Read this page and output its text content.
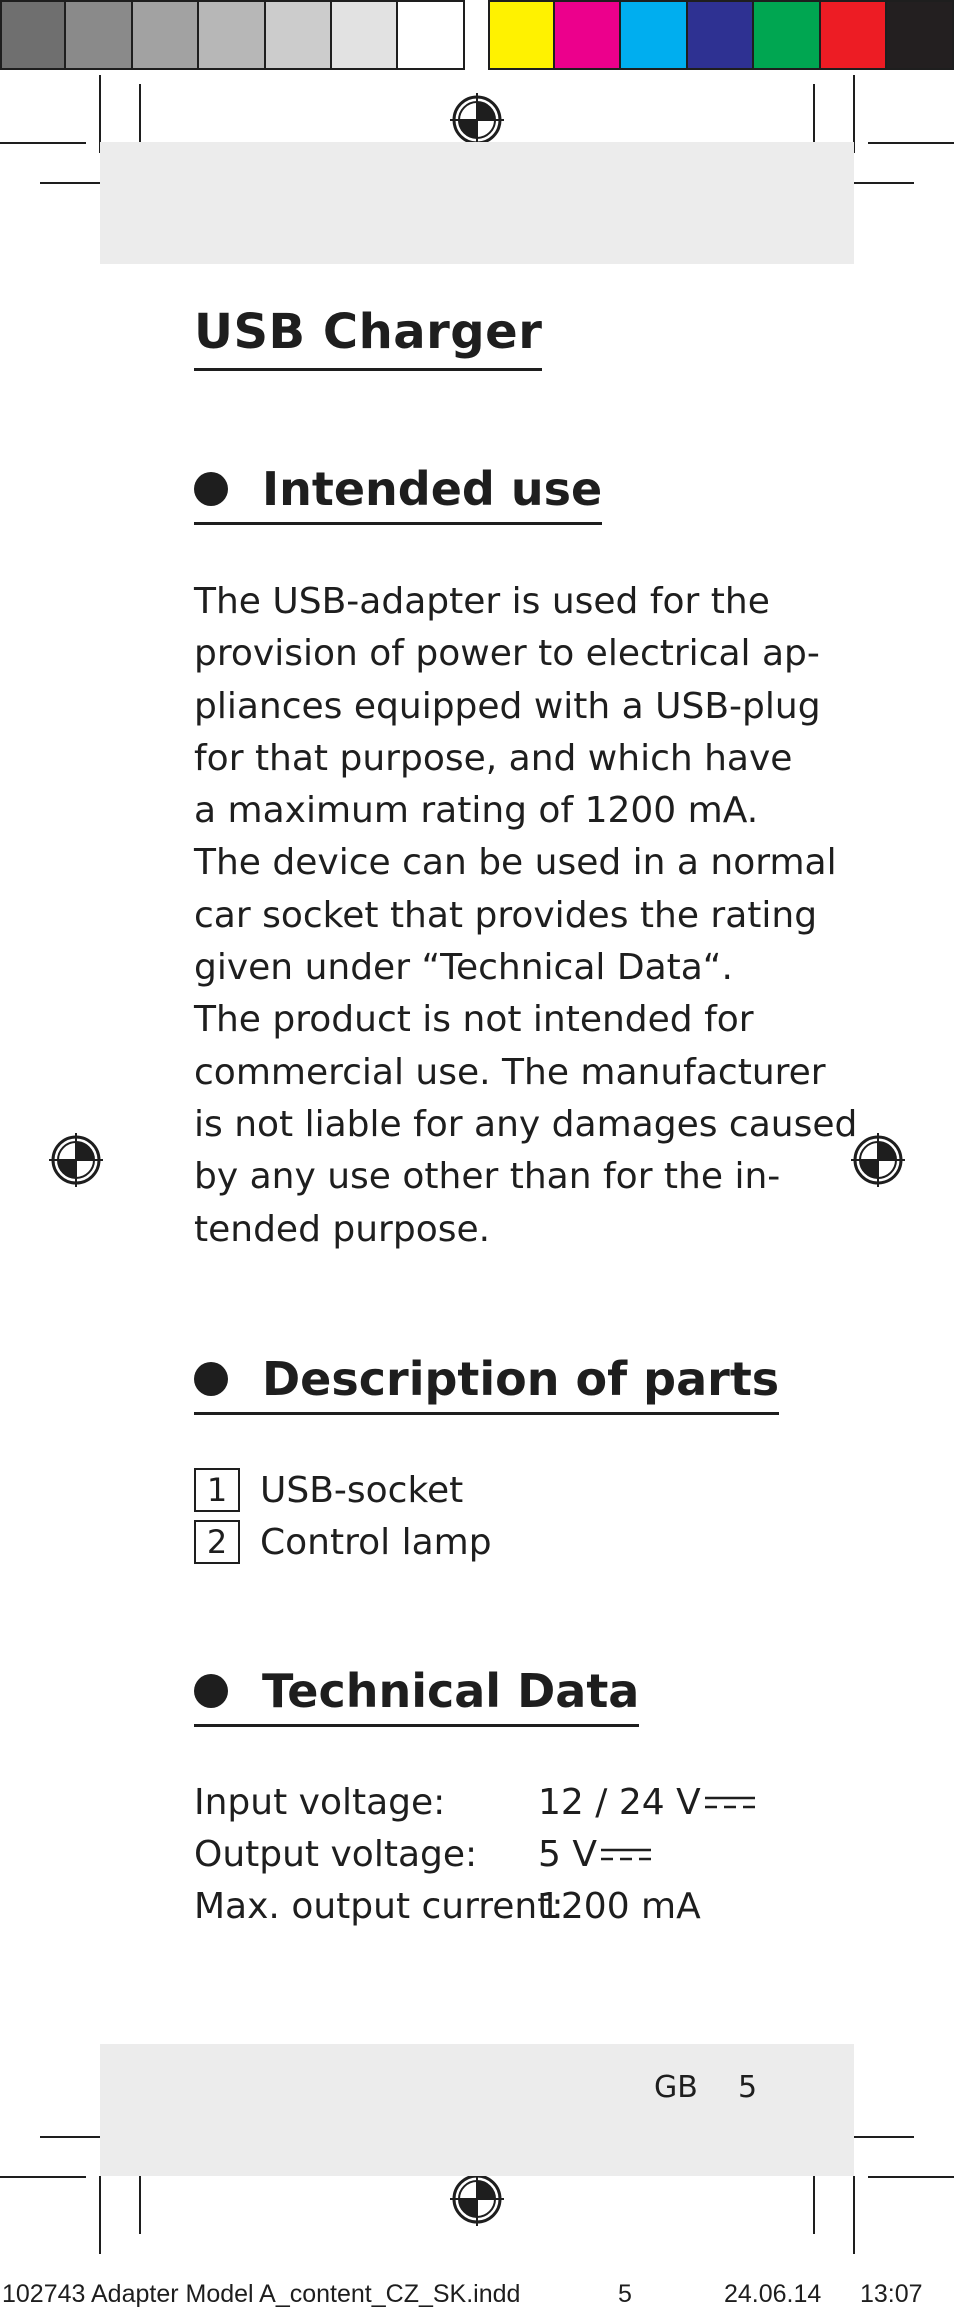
USB Charger
Intended use

The USB-adapter is used for the
provision of power to electrical ap-
pliances equipped with a USB-plug
for that purpose, and which have
a maximum rating of 1200 mA.
The device can be used in a normal
car socket that provides the rating
given under “Technical Data“.
The product is not intended for
commercial use. The manufacturer
is not liable for any damages caused
by any use other than for the in-
tended purpose.

Description of parts
1 USB-socket
2 Control lamp
Technical Data
Input voltage:	12 / 24 V
Output voltage:	5 V
Max. output current:
1200 mA
GB 5
102743 Adapter Model A_content_CZ_SK.indd	5	24.06.14 13:07
